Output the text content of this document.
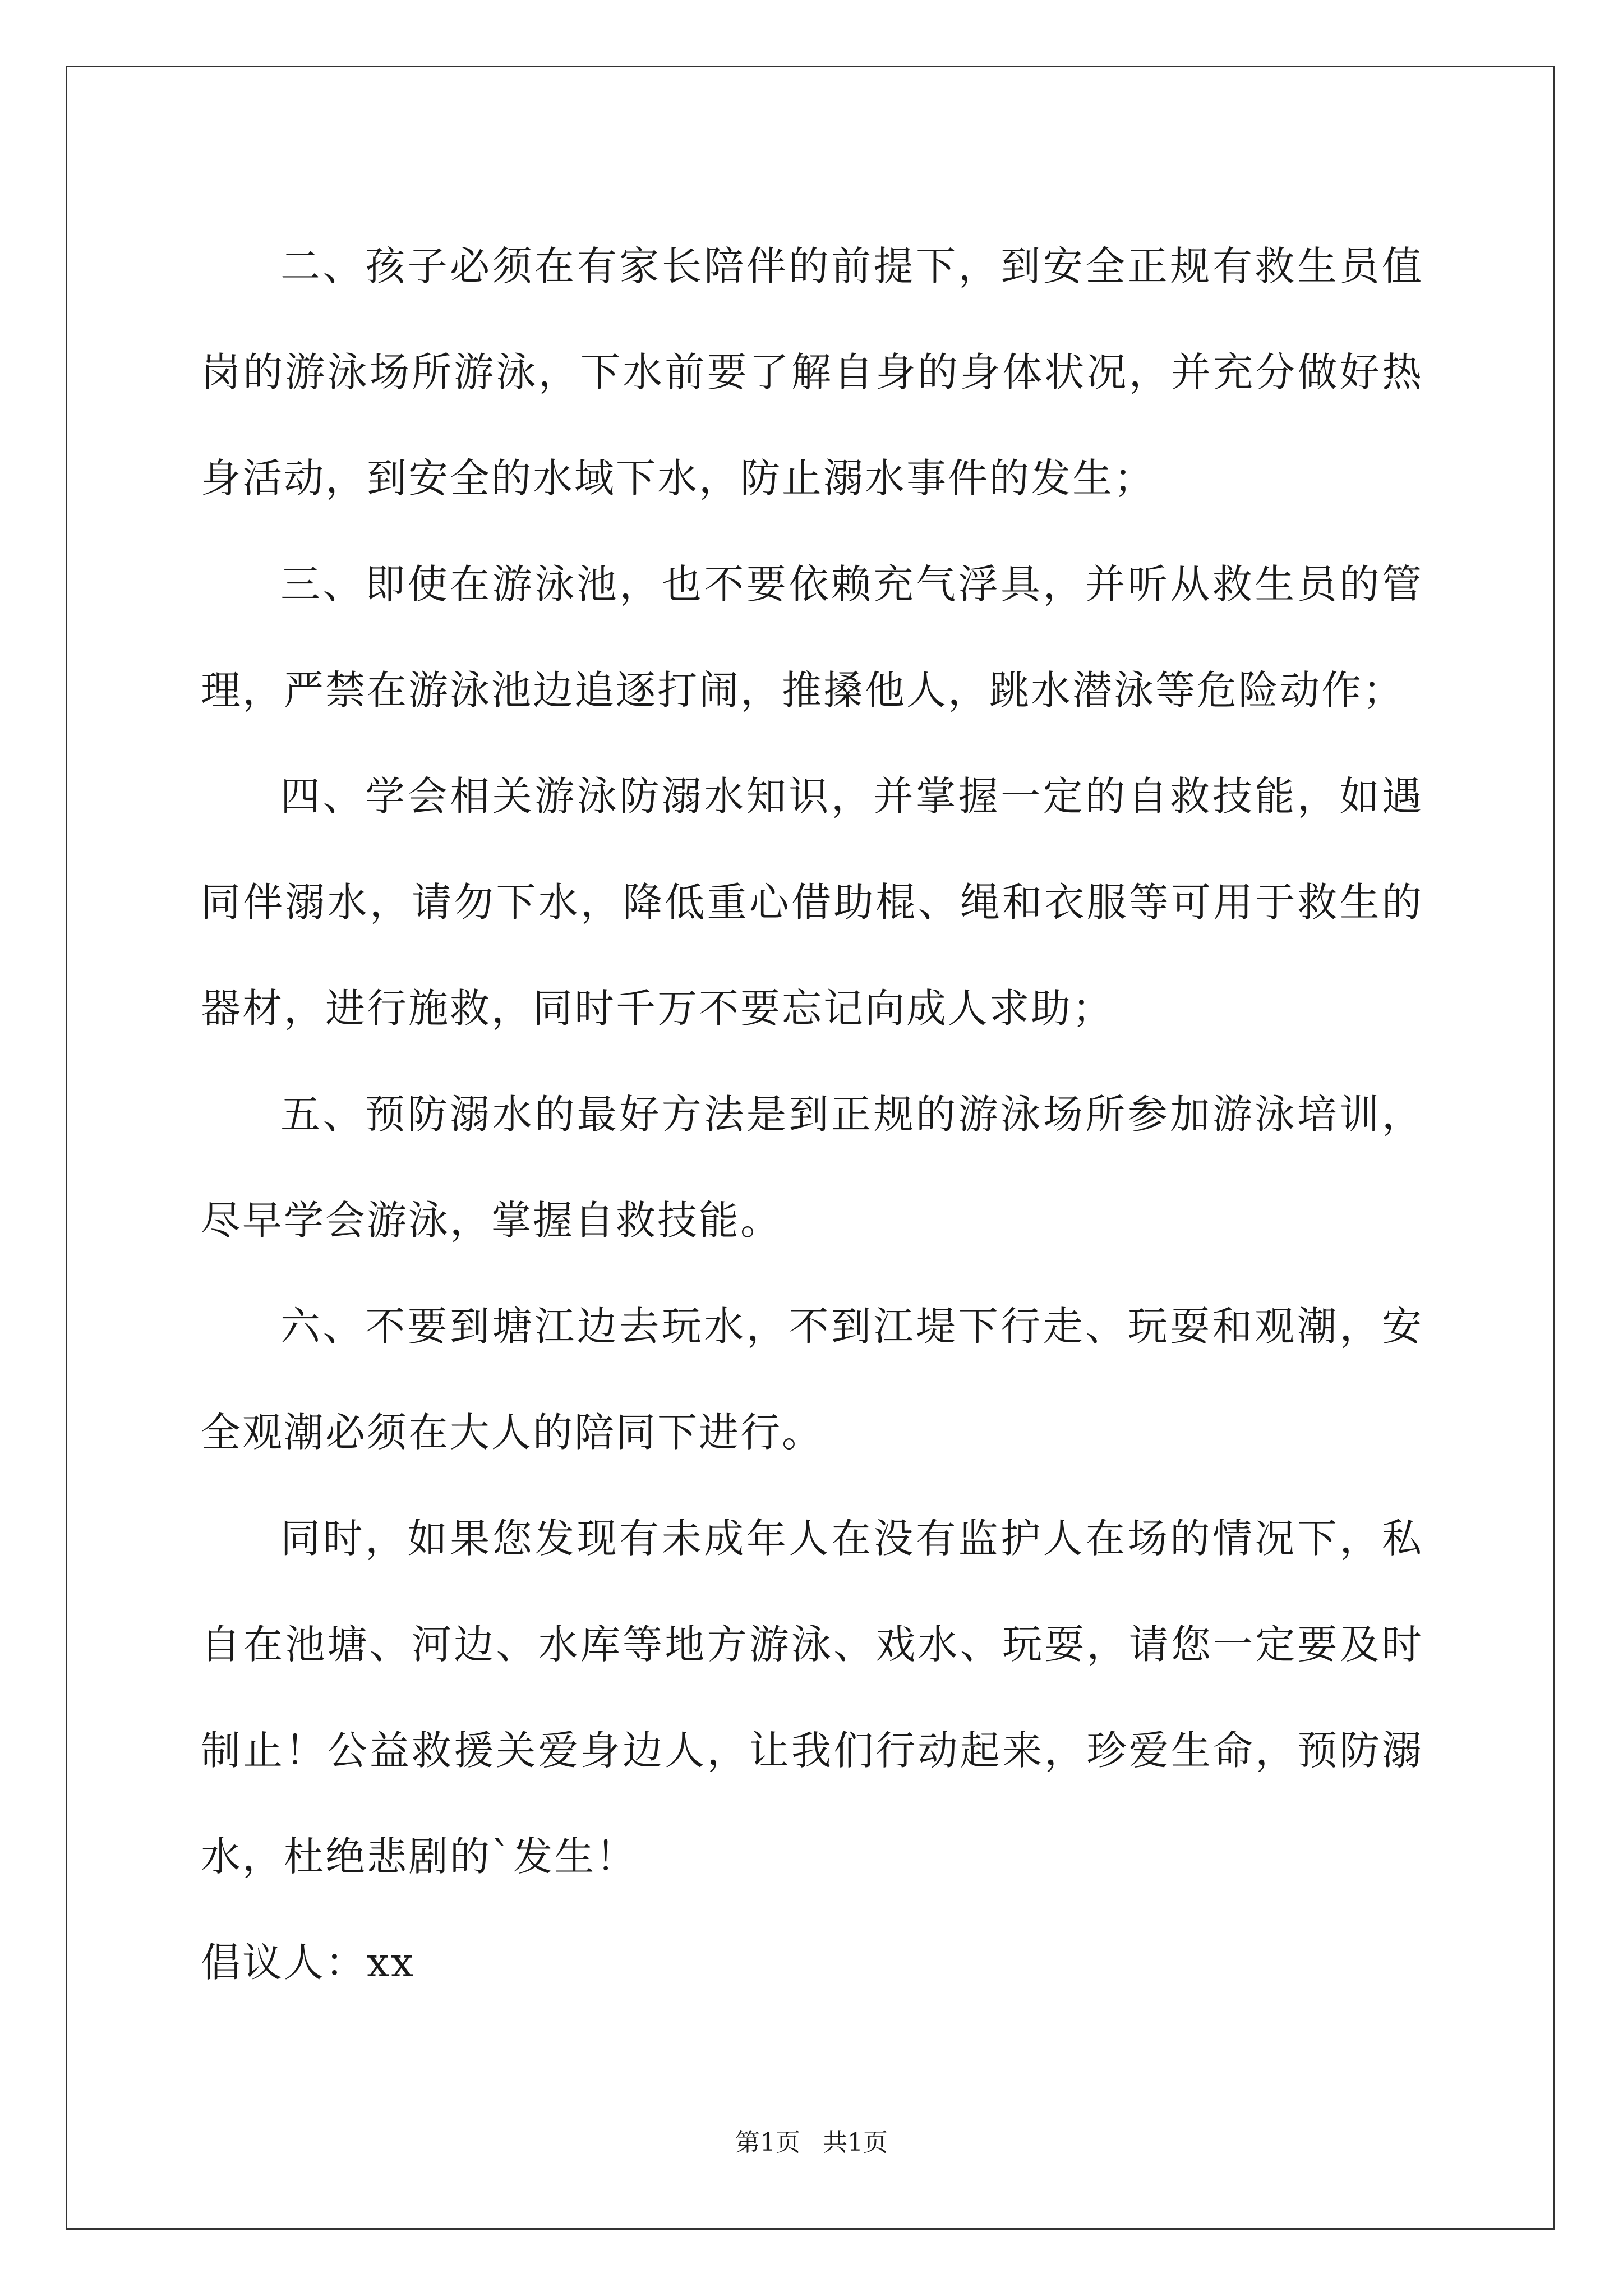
二、孩子必须在有家长陪伴的前提下，到安全正规有救生员值岗的游泳场所游泳，下水前要了解自身的身体状况，并充分做好热身活动，到安全的水域下水，防止溺水事件的发生；

三、即使在游泳池，也不要依赖充气浮具，并听从救生员的管理，严禁在游泳池边追逐打闹，推搡他人，跳水潜泳等危险动作；

四、学会相关游泳防溺水知识，并掌握一定的自救技能，如遇同伴溺水，请勿下水，降低重心借助棍、绳和衣服等可用于救生的器材，进行施救，同时千万不要忘记向成人求助；

五、预防溺水的最好方法是到正规的游泳场所参加游泳培训，尽早学会游泳，掌握自救技能。

六、不要到塘江边去玩水，不到江堤下行走、玩耍和观潮，安全观潮必须在大人的陪同下进行。

同时，如果您发现有未成年人在没有监护人在场的情况下，私自在池塘、河边、水库等地方游泳、戏水、玩耍，请您一定要及时制止！公益救援关爱身边人，让我们行动起来，珍爱生命，预防溺水，杜绝悲剧的`发生！

倡议人：xx

第1页 共1页
